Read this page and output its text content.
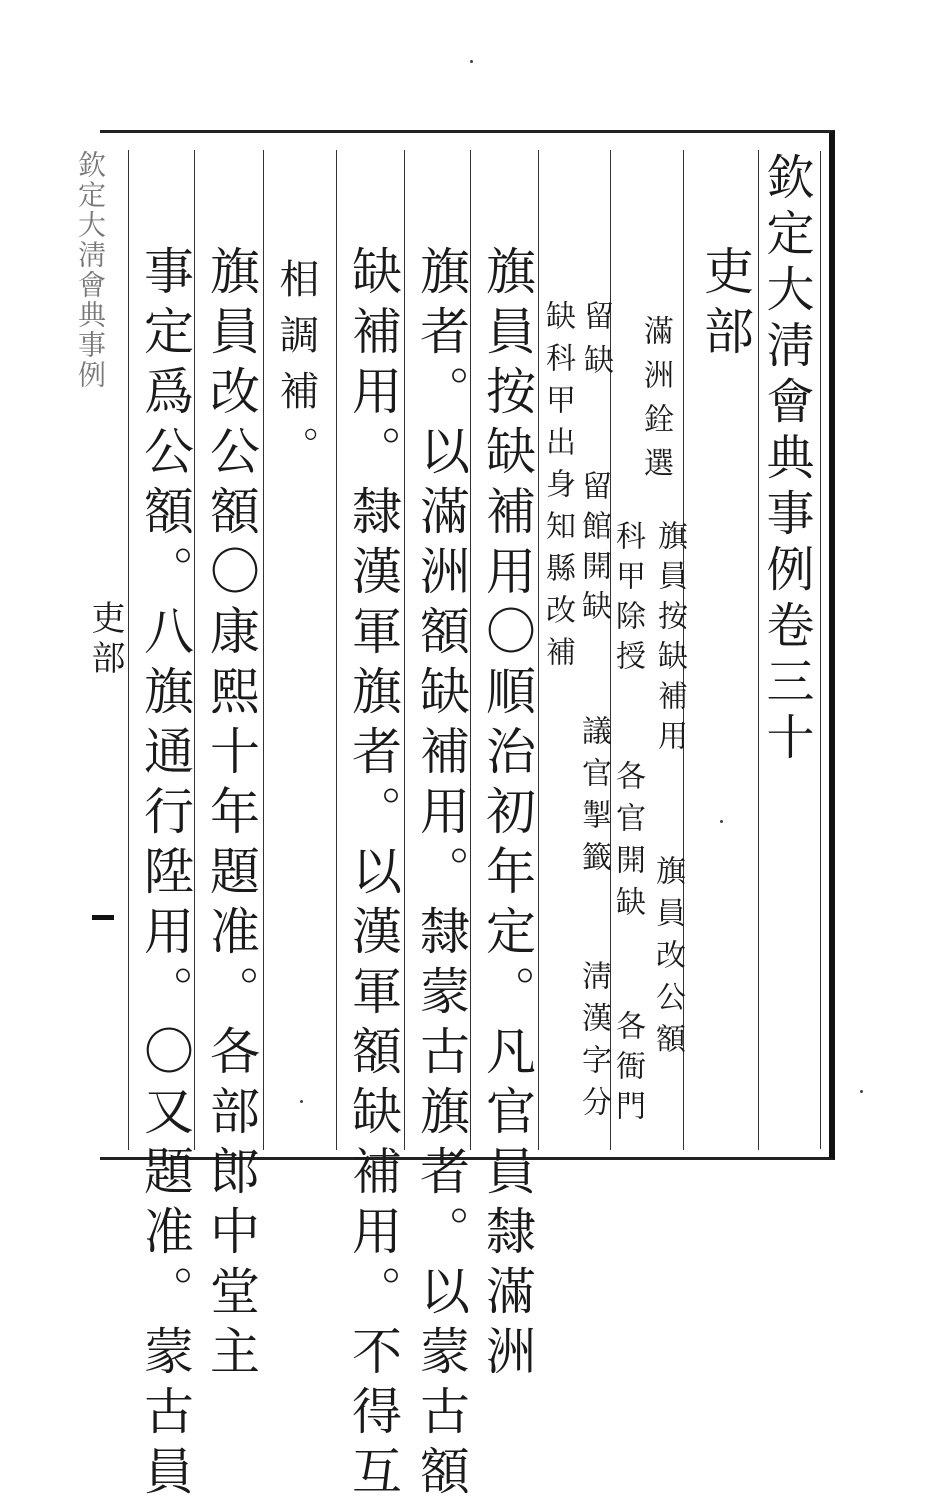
欽定大淸會典事例卷三十
吏部
滿洲銓選
旗員按缺補用
旗員改公額
科甲除授
各官開缺
各衙門
留缺
留館開缺
議官掣籤
淸漢字分
缺科甲出身知縣改補
旗員按缺補用〇順治初年定。凡官員隸滿洲
旗者。以滿洲額缺補用。隸蒙古旗者。以蒙古額
缺補用。隸漢軍旗者。以漢軍額缺補用。不得互
相調補。
旗員改公額〇康熙十年題准。各部郎中堂主
事定爲公額。八旗通行陞用。〇又題准。蒙古員
欽定大淸會典事例
吏部
